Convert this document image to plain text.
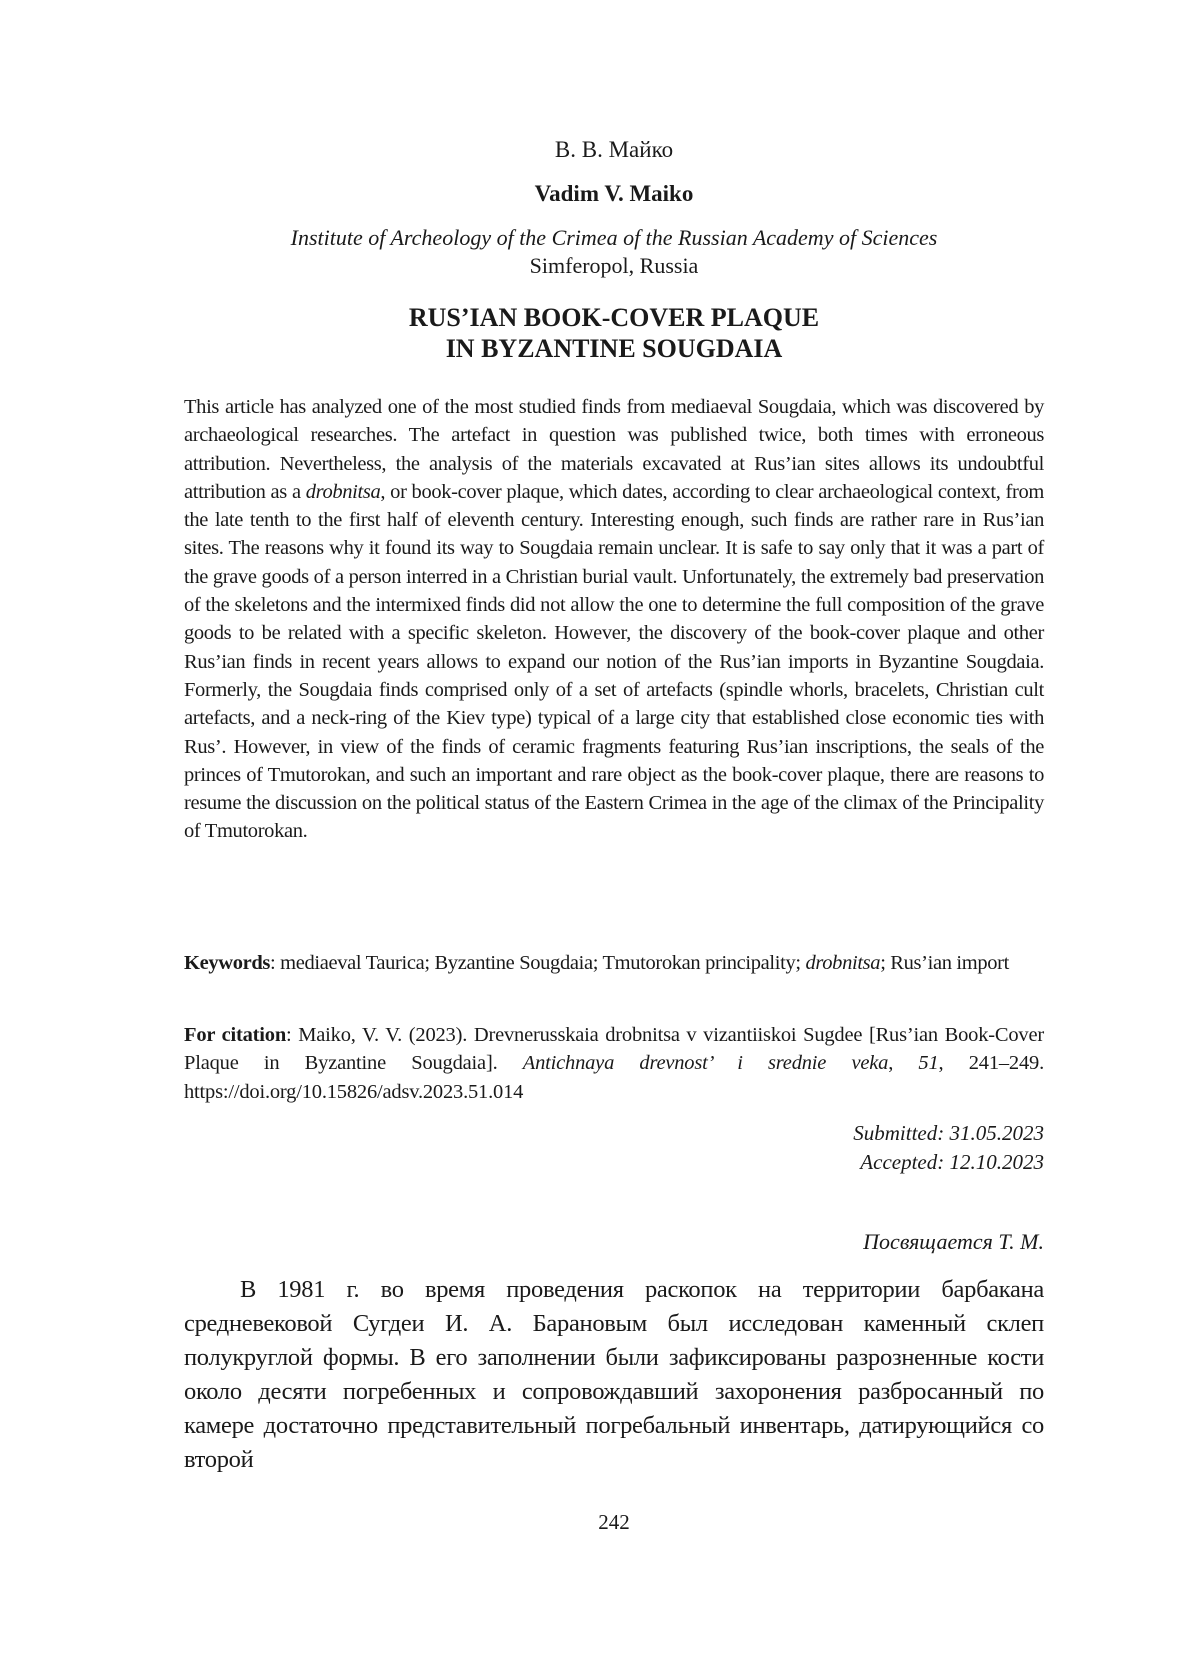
В. В. Майко
Vadim V. Maiko
Institute of Archeology of the Crimea of the Russian Academy of Sciences
Simferopol, Russia
RUS’IAN BOOK-COVER PLAQUE
IN BYZANTINE SOUGDAIA
This article has analyzed one of the most studied finds from mediaeval Sougdaia, which was discovered by archaeological researches. The artefact in question was published twice, both times with erroneous attribution. Nevertheless, the analysis of the materials excavated at Rus’ian sites allows its undoubtful attribution as a drobnitsa, or book-cover plaque, which dates, according to clear archaeological context, from the late tenth to the first half of eleventh century. Interesting enough, such finds are rather rare in Rus’ian sites. The reasons why it found its way to Sougdaia remain unclear. It is safe to say only that it was a part of the grave goods of a person interred in a Christian burial vault. Unfortunately, the extremely bad preservation of the skeletons and the intermixed finds did not allow the one to determine the full composition of the grave goods to be related with a specific skeleton. However, the discovery of the book-cover plaque and other Rus’ian finds in recent years allows to expand our notion of the Rus’ian imports in Byzantine Sougdaia. Formerly, the Sougdaia finds comprised only of a set of artefacts (spindle whorls, bracelets, Christian cult artefacts, and a neck-ring of the Kiev type) typical of a large city that established close economic ties with Rus’. However, in view of the finds of ceramic fragments featuring Rus’ian inscriptions, the seals of the princes of Tmutorokan, and such an important and rare object as the book-cover plaque, there are reasons to resume the discussion on the political status of the Eastern Crimea in the age of the climax of the Principality of Tmutorokan.
Keywords: mediaeval Taurica; Byzantine Sougdaia; Tmutorokan principality; drobnitsa; Rus’ian import
For citation: Maiko, V. V. (2023). Drevnerusskaia drobnitsa v vizantiiskoi Sugdee [Rus’ian Book-Cover Plaque in Byzantine Sougdaia]. Antichnaya drevnost’ i srednie veka, 51, 241–249. https://doi.org/10.15826/adsv.2023.51.014
Submitted: 31.05.2023
Accepted: 12.10.2023
Посвящается Т. М.
В 1981 г. во время проведения раскопок на территории барбакана средневековой Сугдеи И. А. Барановым был исследован каменный склеп полукруглой формы. В его заполнении были зафиксированы разрозненные кости около десяти погребенных и сопровождавший захоронения разбросанный по камере достаточно представительный погребальный инвентарь, датирующийся со второй
242
